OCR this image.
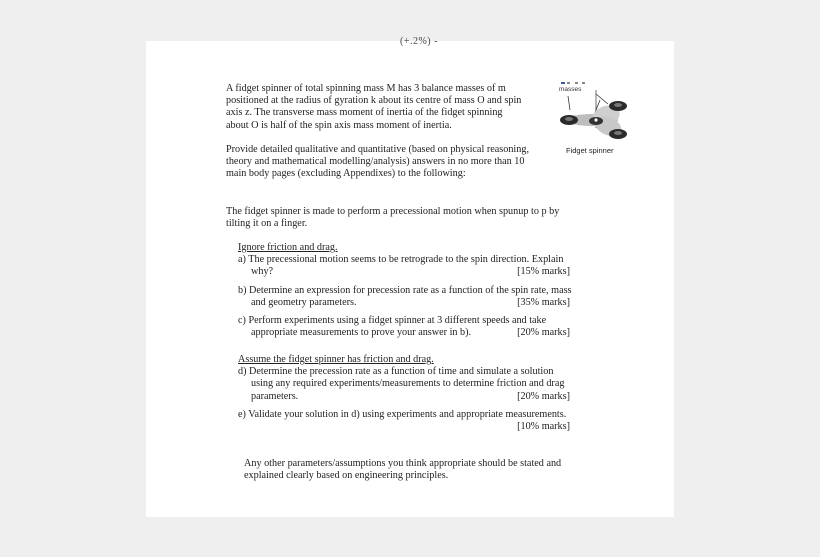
(+.2%) -

A fidget spinner of total spinning mass M has 3 balance masses of m positioned at the radius of gyration k about its centre of mass O and spin axis z. The transverse mass moment of inertia of the fidget spinning about O is half of the spin axis mass moment of inertia.

Provide detailed qualitative and quantitative (based on physical reasoning, theory and mathematical modelling/analysis) answers in no more than 10 main body pages (excluding Appendixes) to the following:

The fidget spinner is made to perform a precessional motion when spunup to p by tilting it on a finger.

Ignore friction and drag.
a) The precessional motion seems to be retrograde to the spin direction. Explain
why?	[15% marks]
b) Determine an expression for precession rate as a function of the spin rate, mass
and geometry parameters.	[35% marks]
c) Perform experiments using a fidget spinner at 3 different speeds and take
appropriate measurements to prove your answer in b).	[20% marks]
Assume the fidget spinner has friction and drag.
d) Determine the precession rate as a function of time and simulate a solution
using any required experiments/measurements to determine friction and drag
parameters.	[20% marks]
e) Validate your solution in d) using experiments and appropriate measurements.
[10% marks]

Any other parameters/assumptions you think appropriate should be stated and explained clearly based on engineering principles.

masses
Fidget spinner
